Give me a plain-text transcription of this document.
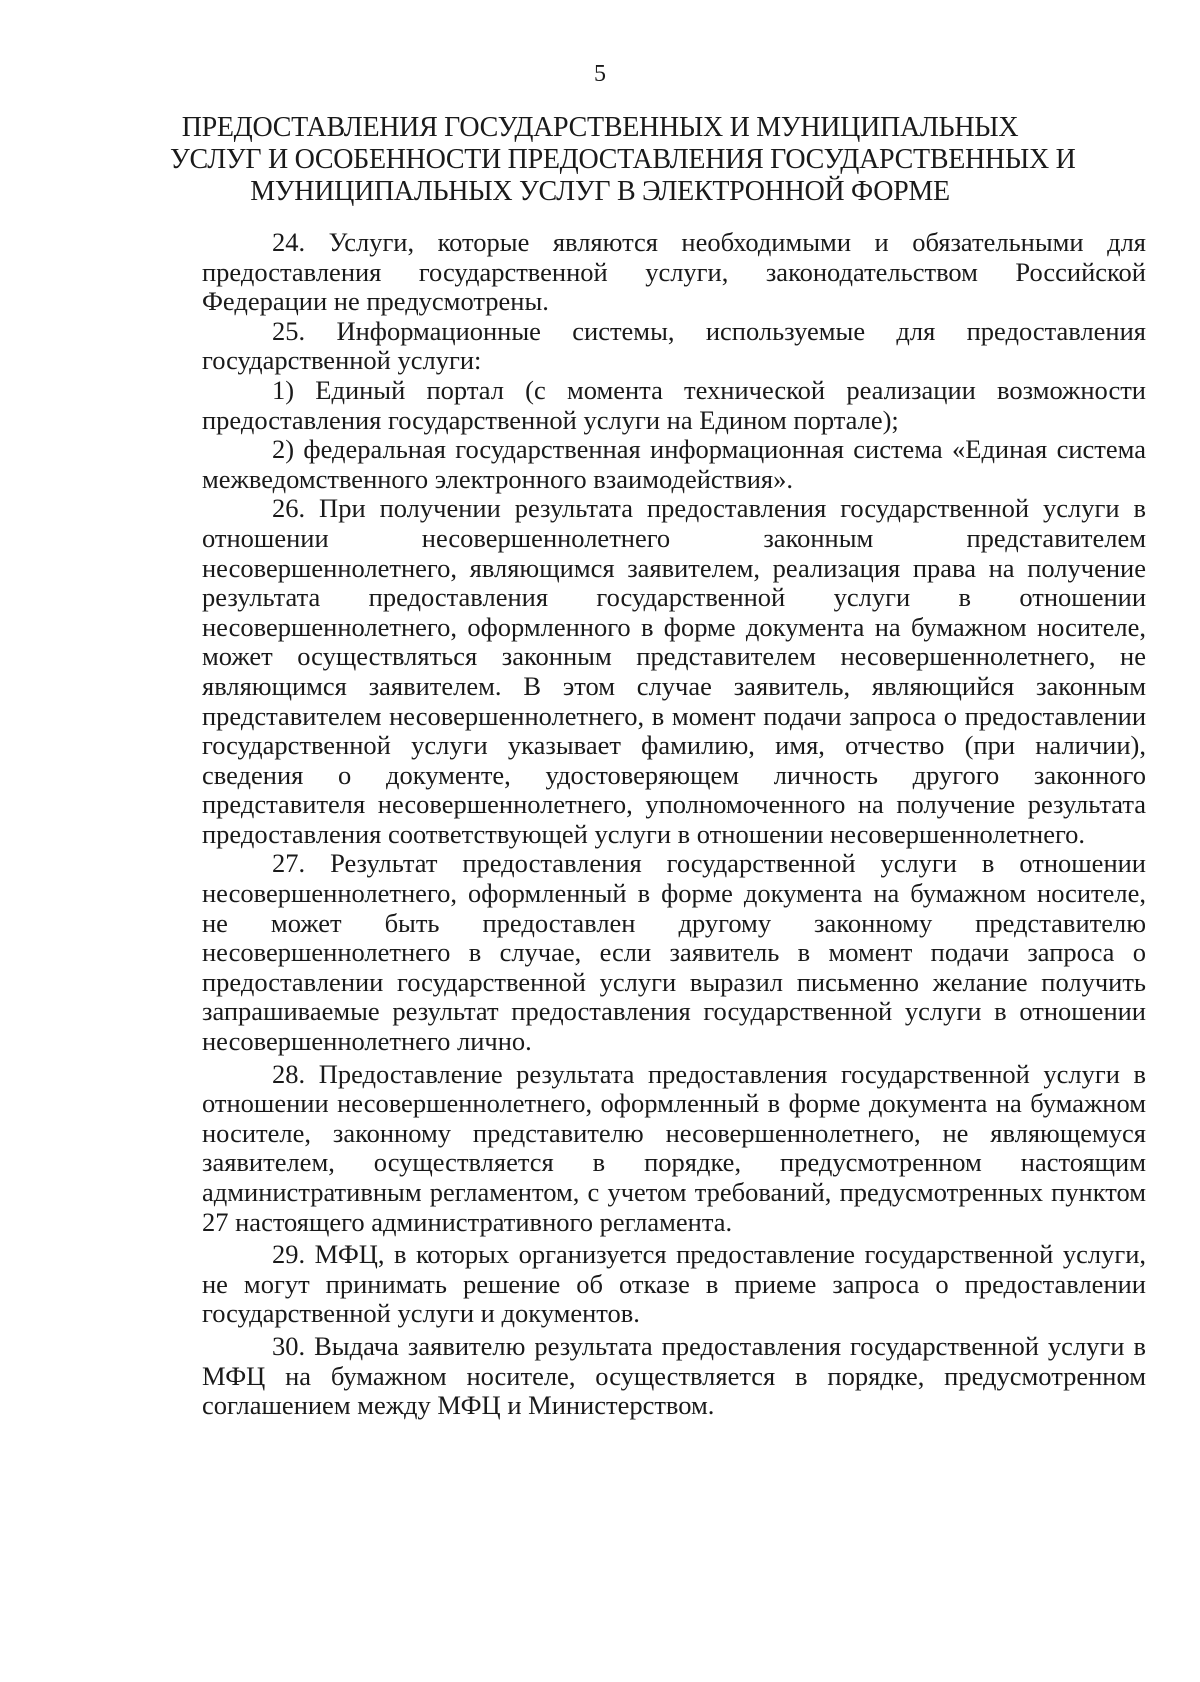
5
ПРЕДОСТАВЛЕНИЯ ГОСУДАРСТВЕННЫХ И МУНИЦИПАЛЬНЫХ
УСЛУГ И ОСОБЕННОСТИ ПРЕДОСТАВЛЕНИЯ ГОСУДАРСТВЕННЫХ И
МУНИЦИПАЛЬНЫХ УСЛУГ В ЭЛЕКТРОННОЙ ФОРМЕ

24. Услуги, которые являются необходимыми и обязательными для предоставления государственной услуги, законодательством Российской Федерации не предусмотрены.

25. Информационные системы, используемые для предоставления государственной услуги:

1) Единый портал (с момента технической реализации возможности предоставления государственной услуги на Едином портале);

2) федеральная государственная информационная система «Единая система межведомственного электронного взаимодействия».

26. При получении результата предоставления государственной услуги в отношении несовершеннолетнего законным представителем несовершеннолетнего, являющимся заявителем, реализация права на получение результата предоставления государственной услуги в отношении несовершеннолетнего, оформленного в форме документа на бумажном носителе, может осуществляться законным представителем несовершеннолетнего, не являющимся заявителем. В этом случае заявитель, являющийся законным представителем несовершеннолетнего, в момент подачи запроса о предоставлении государственной услуги указывает фамилию, имя, отчество (при наличии), сведения о документе, удостоверяющем личность другого законного представителя несовершеннолетнего, уполномоченного на получение результата предоставления соответствующей услуги в отношении несовершеннолетнего.

27. Результат предоставления государственной услуги в отношении несовершеннолетнего, оформленный в форме документа на бумажном носителе, не может быть предоставлен другому законному представителю несовершеннолетнего в случае, если заявитель в момент подачи запроса о предоставлении государственной услуги выразил письменно желание получить запрашиваемые результат предоставления государственной услуги в отношении несовершеннолетнего лично.

28. Предоставление результата предоставления государственной услуги в отношении несовершеннолетнего, оформленный в форме документа на бумажном носителе, законному представителю несовершеннолетнего, не являющемуся заявителем, осуществляется в порядке, предусмотренном настоящим административным регламентом, с учетом требований, предусмотренных пунктом 27 настоящего административного регламента.

29. МФЦ, в которых организуется предоставление государственной услуги, не могут принимать решение об отказе в приеме запроса о предоставлении государственной услуги и документов.

30. Выдача заявителю результата предоставления государственной услуги в МФЦ на бумажном носителе, осуществляется в порядке, предусмотренном соглашением между МФЦ и Министерством.
